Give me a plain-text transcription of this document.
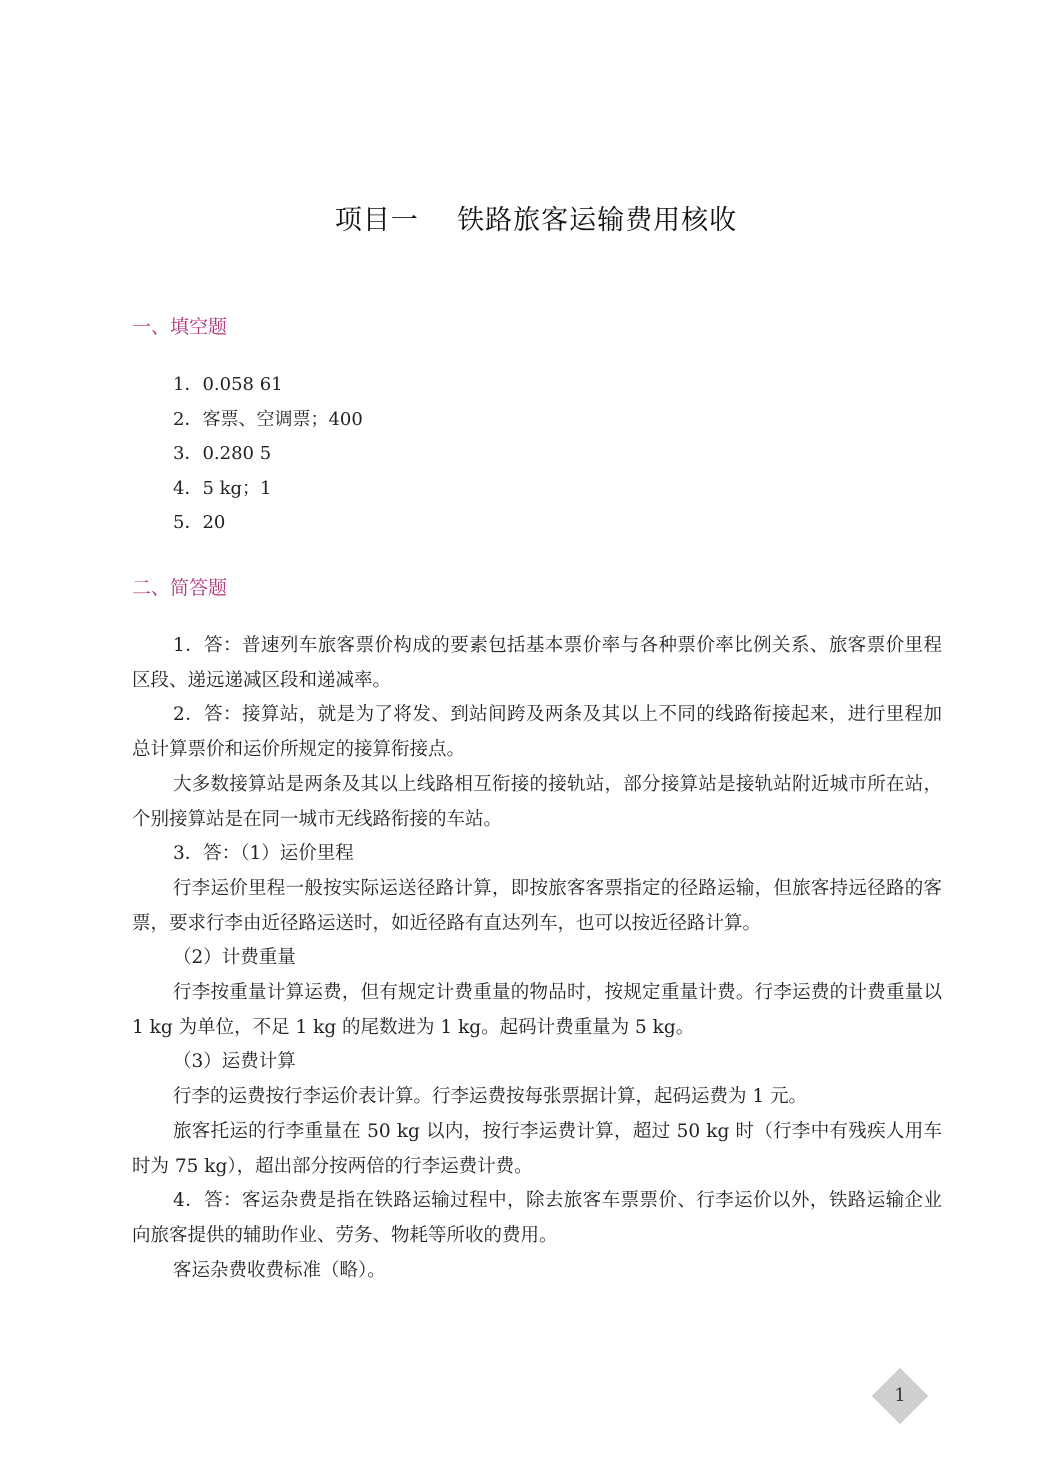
项目一    铁路旅客运输费用核收
一、填空题
1．0.058 61
2．客票、空调票；400
3．0.280 5
4．5 kg；1
5．20
二、简答题

1．答：普速列车旅客票价构成的要素包括基本票价率与各种票价率比例关系、旅客票价里程区段、递远递减区段和递减率。

2．答：接算站，就是为了将发、到站间跨及两条及其以上不同的线路衔接起来，进行里程加总计算票价和运价所规定的接算衔接点。

大多数接算站是两条及其以上线路相互衔接的接轨站，部分接算站是接轨站附近城市所在站，个别接算站是在同一城市无线路衔接的车站。

3．答：（1）运价里程

行李运价里程一般按实际运送径路计算，即按旅客客票指定的径路运输，但旅客持远径路的客票，要求行李由近径路运送时，如近径路有直达列车，也可以按近径路计算。

（2）计费重量

行李按重量计算运费，但有规定计费重量的物品时，按规定重量计费。行李运费的计费重量以 1 kg 为单位，不足 1 kg 的尾数进为 1 kg。起码计费重量为 5 kg。

（3）运费计算

行李的运费按行李运价表计算。行李运费按每张票据计算，起码运费为 1 元。

旅客托运的行李重量在 50 kg 以内，按行李运费计算，超过 50 kg 时（行李中有残疾人用车时为 75 kg），超出部分按两倍的行李运费计费。

4．答：客运杂费是指在铁路运输过程中，除去旅客车票票价、行李运价以外，铁路运输企业向旅客提供的辅助作业、劳务、物耗等所收的费用。

客运杂费收费标准（略）。

1
